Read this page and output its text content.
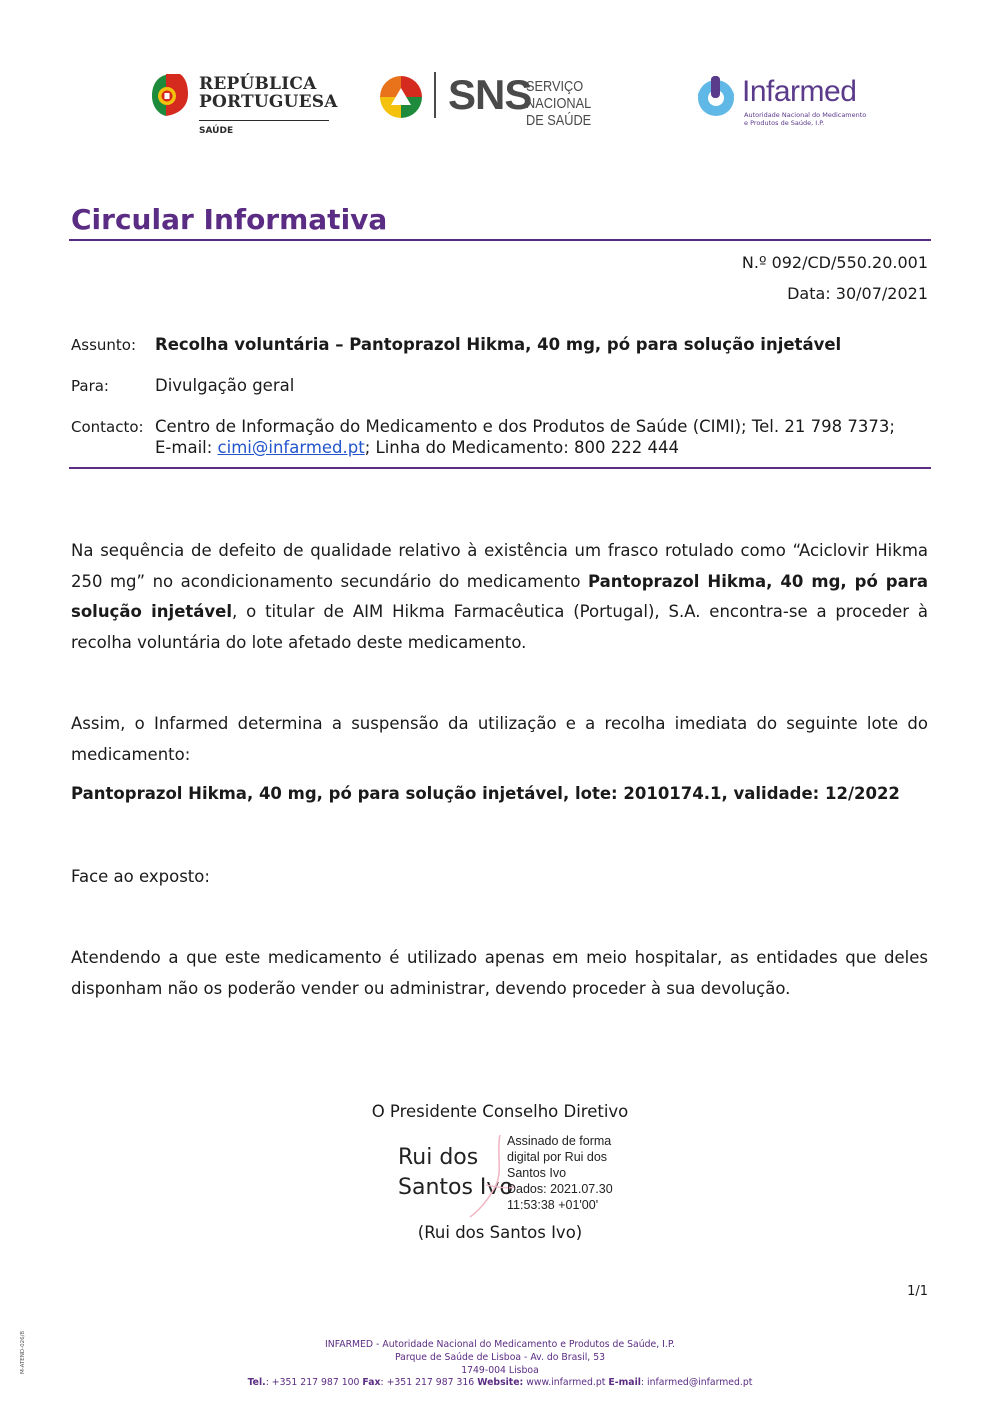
REPÚBLICA
PORTUGUESA
SAÚDE
SNS
SERVIÇO NACIONAL
DE SAÚDE
Infarmed
Autoridade Nacional do Medicamento
e Produtos de Saúde, I.P.
Circular Informativa
N.º 092/CD/550.20.001
Data: 30/07/2021
Assunto: Recolha voluntária – Pantoprazol Hikma, 40 mg, pó para solução injetável
Para:	Divulgação geral
Contacto: Centro de Informação do Medicamento e dos Produtos de Saúde (CIMI); Tel. 21 798 7373;
E-mail: cimi@infarmed.pt; Linha do Medicamento: 800 222 444
Na sequência de defeito de qualidade relativo à existência um frasco rotulado como “Aciclovir Hikma 250 mg” no acondicionamento secundário do medicamento Pantoprazol Hikma, 40 mg, pó para solução injetável, o titular de AIM Hikma Farmacêutica (Portugal), S.A. encontra-se a proceder à recolha voluntária do lote afetado deste medicamento.
Assim, o Infarmed determina a suspensão da utilização e a recolha imediata do seguinte lote do medicamento:
Pantoprazol Hikma, 40 mg, pó para solução injetável, lote: 2010174.1, validade: 12/2022
Face ao exposto:
Atendendo a que este medicamento é utilizado apenas em meio hospitalar, as entidades que deles disponham não os poderão vender ou administrar, devendo proceder à sua devolução.
O Presidente Conselho Diretivo
Rui dos
Santos Ivo
Assinado de forma
digital por Rui dos
Santos Ivo
Dados: 2021.07.30
11:53:38 +01'00'
(Rui dos Santos Ivo)
1/1
M-ATEND-026/8	INFARMED - Autoridade Nacional do Medicamento e Produtos de Saúde, I.P.
Parque de Saúde de Lisboa - Av. do Brasil, 53
1749-004 Lisboa
Tel.: +351 217 987 100 Fax: +351 217 987 316 Website: www.infarmed.pt E-mail: infarmed@infarmed.pt
